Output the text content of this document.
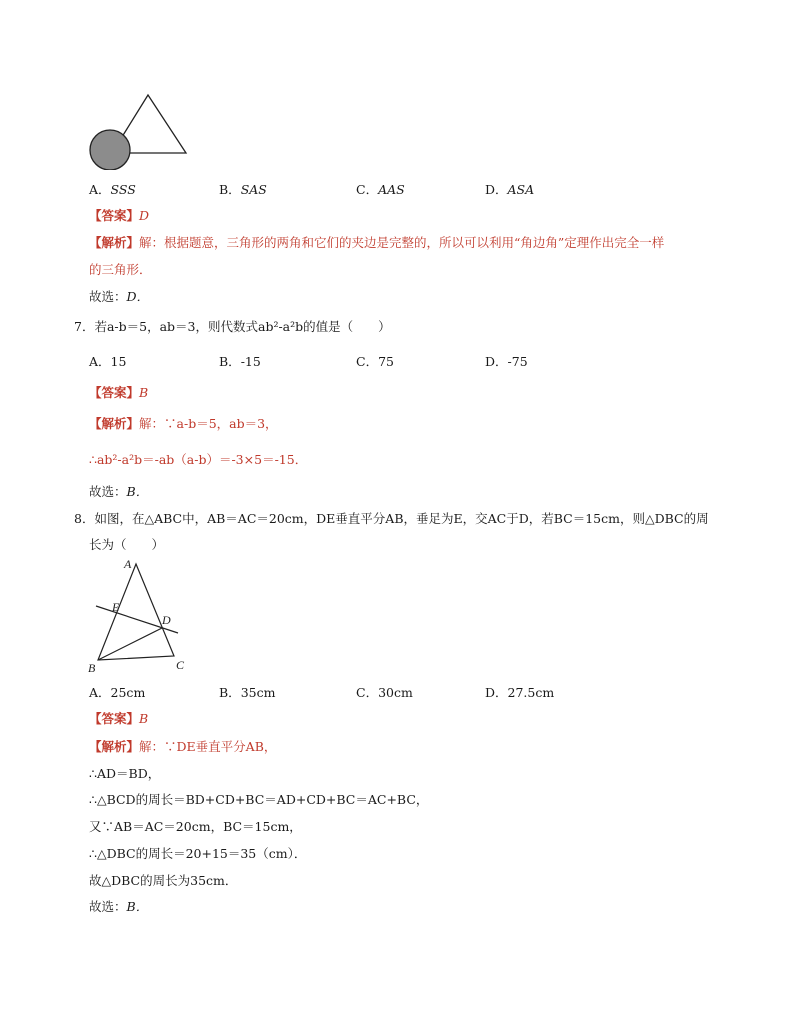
A．SSS	B．SAS	C．AAS	D．ASA
【答案】D
【解析】解：根据题意，三角形的两角和它们的夹边是完整的，所以可以利用“角边角”定理作出完全一样
的三角形．
故选：D．
7．若a-b＝5，ab＝3，则代数式ab²-a²b的值是（　　）
A．15	B．-15	C．75	D．-75
【答案】B
【解析】解：∵a-b＝5，ab＝3，
∴ab²-a²b＝-ab（a-b）＝-3×5＝-15．
故选：B．
8．如图，在△ABC中，AB＝AC＝20cm，DE垂直平分AB，垂足为E，交AC于D，若BC＝15cm，则△DBC的周
长为（　　）
A
E
D
B	C
A．25cm	B．35cm	C．30cm	D．27.5cm
【答案】B
【解析】解：∵DE垂直平分AB，
∴AD＝BD，
∴△BCD的周长＝BD+CD+BC＝AD+CD+BC＝AC+BC，
又∵AB＝AC＝20cm，BC＝15cm，
∴△DBC的周长＝20+15＝35（cm）．
故△DBC的周长为35cm．
故选：B．
